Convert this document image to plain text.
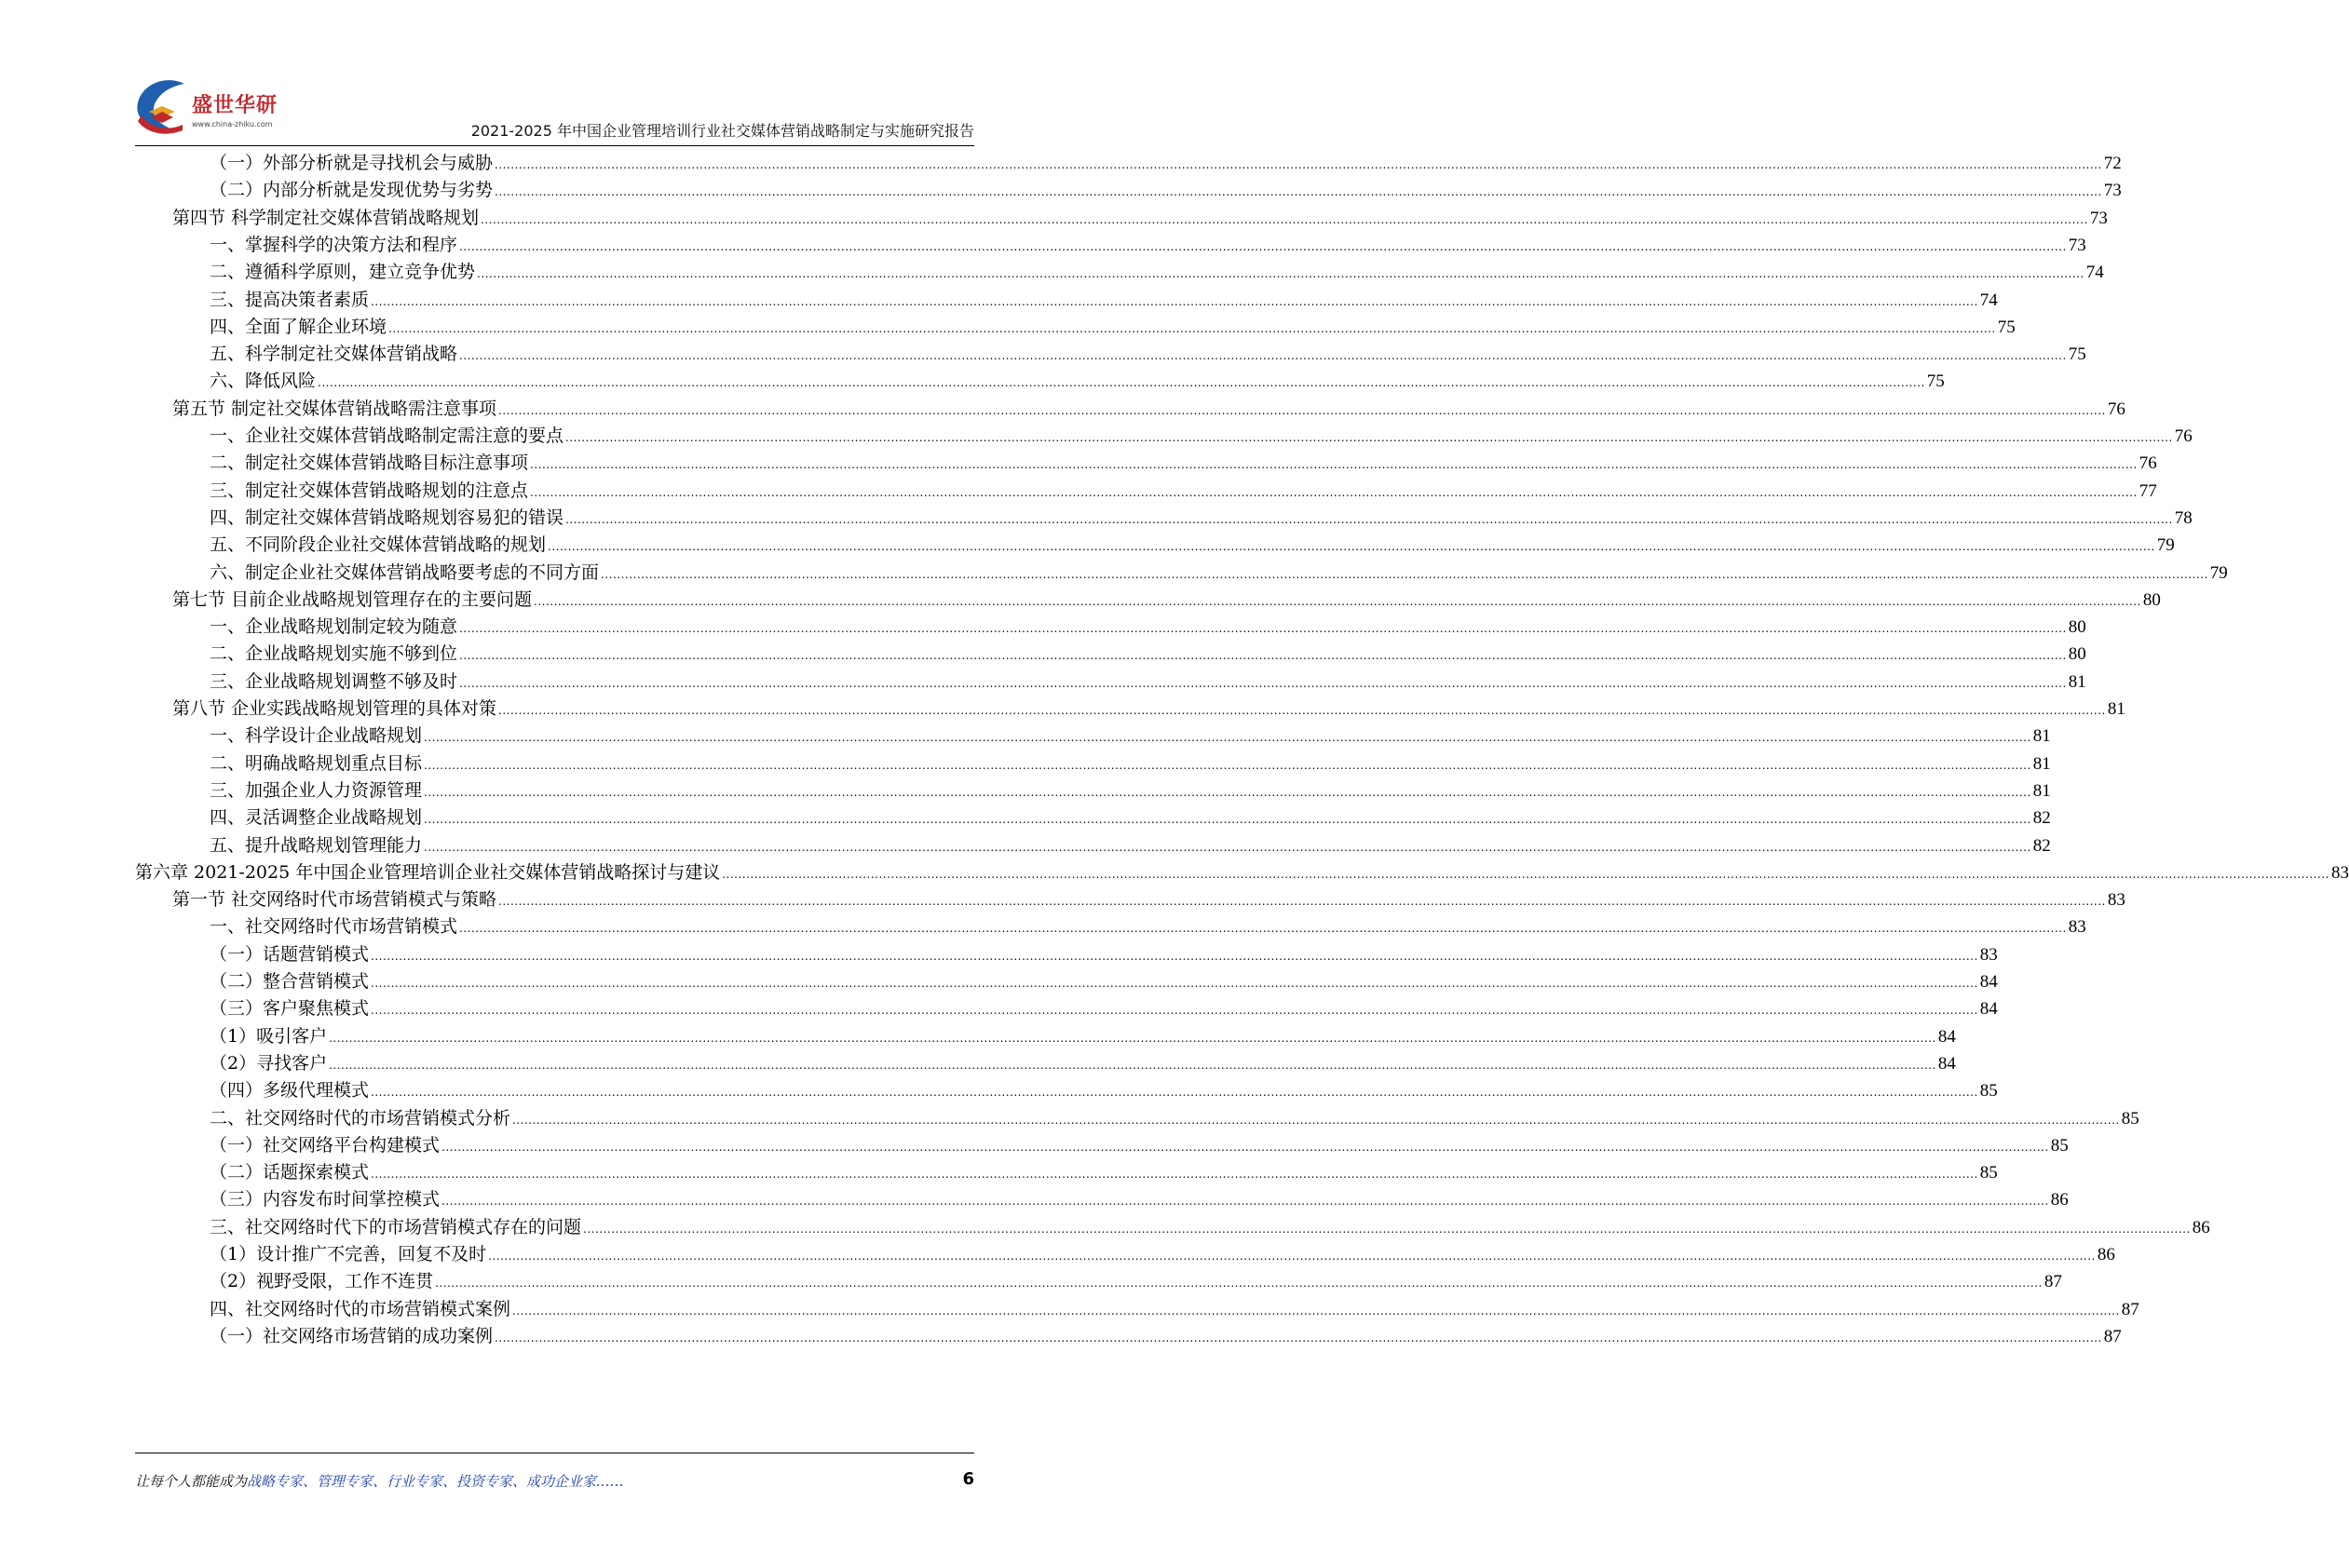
盛世华研
www.china-zhiku.com	2021-2025 年中国企业管理培训行业社交媒体营销战略制定与实施研究报告
（一）外部分析就是寻找机会与威胁 ................................................................................................................................................................................................................................................................................................................................................................................................................ 72
（二）内部分析就是发现优势与劣势 ................................................................................................................................................................................................................................................................................................................................................................................................................ 73
第四节 科学制定社交媒体营销战略规划 ................................................................................................................................................................................................................................................................................................................................................................................................................ 73
一、掌握科学的决策方法和程序 ................................................................................................................................................................................................................................................................................................................................................................................................................ 73
二、遵循科学原则，建立竞争优势 ................................................................................................................................................................................................................................................................................................................................................................................................................ 74
三、提高决策者素质 ................................................................................................................................................................................................................................................................................................................................................................................................................ 74
四、全面了解企业环境 ................................................................................................................................................................................................................................................................................................................................................................................................................ 75
五、科学制定社交媒体营销战略 ................................................................................................................................................................................................................................................................................................................................................................................................................ 75
六、降低风险 ................................................................................................................................................................................................................................................................................................................................................................................................................ 75
第五节 制定社交媒体营销战略需注意事项 ................................................................................................................................................................................................................................................................................................................................................................................................................ 76
一、企业社交媒体营销战略制定需注意的要点 ................................................................................................................................................................................................................................................................................................................................................................................................................ 76
二、制定社交媒体营销战略目标注意事项 ................................................................................................................................................................................................................................................................................................................................................................................................................ 76
三、制定社交媒体营销战略规划的注意点 ................................................................................................................................................................................................................................................................................................................................................................................................................ 77
四、制定社交媒体营销战略规划容易犯的错误 ................................................................................................................................................................................................................................................................................................................................................................................................................ 78
五、不同阶段企业社交媒体营销战略的规划 ................................................................................................................................................................................................................................................................................................................................................................................................................ 79
六、制定企业社交媒体营销战略要考虑的不同方面 ................................................................................................................................................................................................................................................................................................................................................................................................................ 79
第七节 目前企业战略规划管理存在的主要问题 ................................................................................................................................................................................................................................................................................................................................................................................................................ 80
一、企业战略规划制定较为随意 ................................................................................................................................................................................................................................................................................................................................................................................................................ 80
二、企业战略规划实施不够到位 ................................................................................................................................................................................................................................................................................................................................................................................................................ 80
三、企业战略规划调整不够及时 ................................................................................................................................................................................................................................................................................................................................................................................................................ 81
第八节 企业实践战略规划管理的具体对策 ................................................................................................................................................................................................................................................................................................................................................................................................................ 81
一、科学设计企业战略规划 ................................................................................................................................................................................................................................................................................................................................................................................................................ 81
二、明确战略规划重点目标 ................................................................................................................................................................................................................................................................................................................................................................................................................ 81
三、加强企业人力资源管理 ................................................................................................................................................................................................................................................................................................................................................................................................................ 81
四、灵活调整企业战略规划 ................................................................................................................................................................................................................................................................................................................................................................................................................ 82
五、提升战略规划管理能力 ................................................................................................................................................................................................................................................................................................................................................................................................................ 82
第六章 2021-2025 年中国企业管理培训企业社交媒体营销战略探讨与建议 ................................................................................................................................................................................................................................................................................................................................................................................................................ 83
第一节 社交网络时代市场营销模式与策略 ................................................................................................................................................................................................................................................................................................................................................................................................................ 83
一、社交网络时代市场营销模式 ................................................................................................................................................................................................................................................................................................................................................................................................................ 83
（一）话题营销模式 ................................................................................................................................................................................................................................................................................................................................................................................................................ 83
（二）整合营销模式 ................................................................................................................................................................................................................................................................................................................................................................................................................ 84
（三）客户聚焦模式 ................................................................................................................................................................................................................................................................................................................................................................................................................ 84
（1）吸引客户 ................................................................................................................................................................................................................................................................................................................................................................................................................ 84
（2）寻找客户 ................................................................................................................................................................................................................................................................................................................................................................................................................ 84
（四）多级代理模式 ................................................................................................................................................................................................................................................................................................................................................................................................................ 85
二、社交网络时代的市场营销模式分析 ................................................................................................................................................................................................................................................................................................................................................................................................................ 85
（一）社交网络平台构建模式 ................................................................................................................................................................................................................................................................................................................................................................................................................ 85
（二）话题探索模式 ................................................................................................................................................................................................................................................................................................................................................................................................................ 85
（三）内容发布时间掌控模式 ................................................................................................................................................................................................................................................................................................................................................................................................................ 86
三、社交网络时代下的市场营销模式存在的问题 ................................................................................................................................................................................................................................................................................................................................................................................................................ 86
（1）设计推广不完善，回复不及时 ................................................................................................................................................................................................................................................................................................................................................................................................................ 86
（2）视野受限，工作不连贯 ................................................................................................................................................................................................................................................................................................................................................................................................................ 87
四、社交网络时代的市场营销模式案例 ................................................................................................................................................................................................................................................................................................................................................................................................................ 87
（一）社交网络市场营销的成功案例 ................................................................................................................................................................................................................................................................................................................................................................................................................ 87
让每个人都能成为战略专家、管理专家、行业专家、投资专家、成功企业家……	6
